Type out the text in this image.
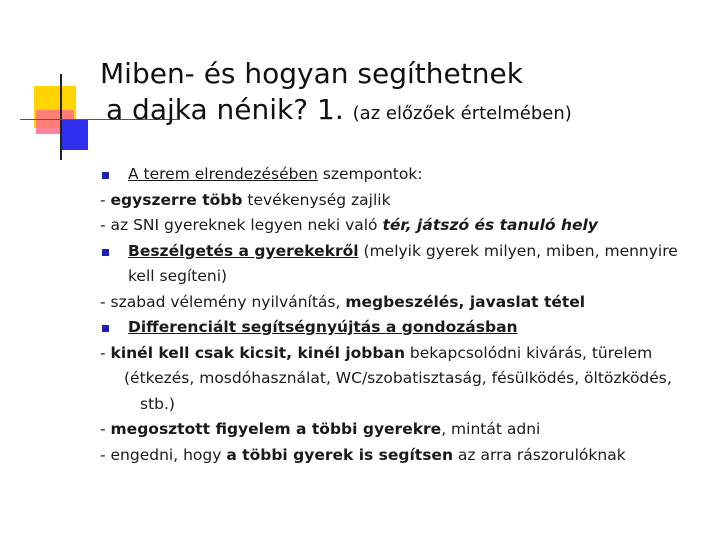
Miben- és hogyan segíthetnek
a dajka nénik? 1. (az előzőek értelmében)
A terem elrendezésében szempontok:
- egyszerre több tevékenység zajlik
- az SNI gyereknek legyen neki való tér, játszó és tanuló hely
Beszélgetés a gyerekekről (melyik gyerek milyen, miben, mennyire
kell segíteni)
- szabad vélemény nyilvánítás, megbeszélés, javaslat tétel
Differenciált segítségnyújtás a gondozásban
- kinél kell csak kicsit, kinél jobban bekapcsolódni kivárás, türelem
(étkezés, mosdóhasználat, WC/szobatisztaság, fésülködés, öltözködés,
stb.)
- megosztott figyelem a többi gyerekre, mintát adni
- engedni, hogy a többi gyerek is segítsen az arra rászorulóknak
